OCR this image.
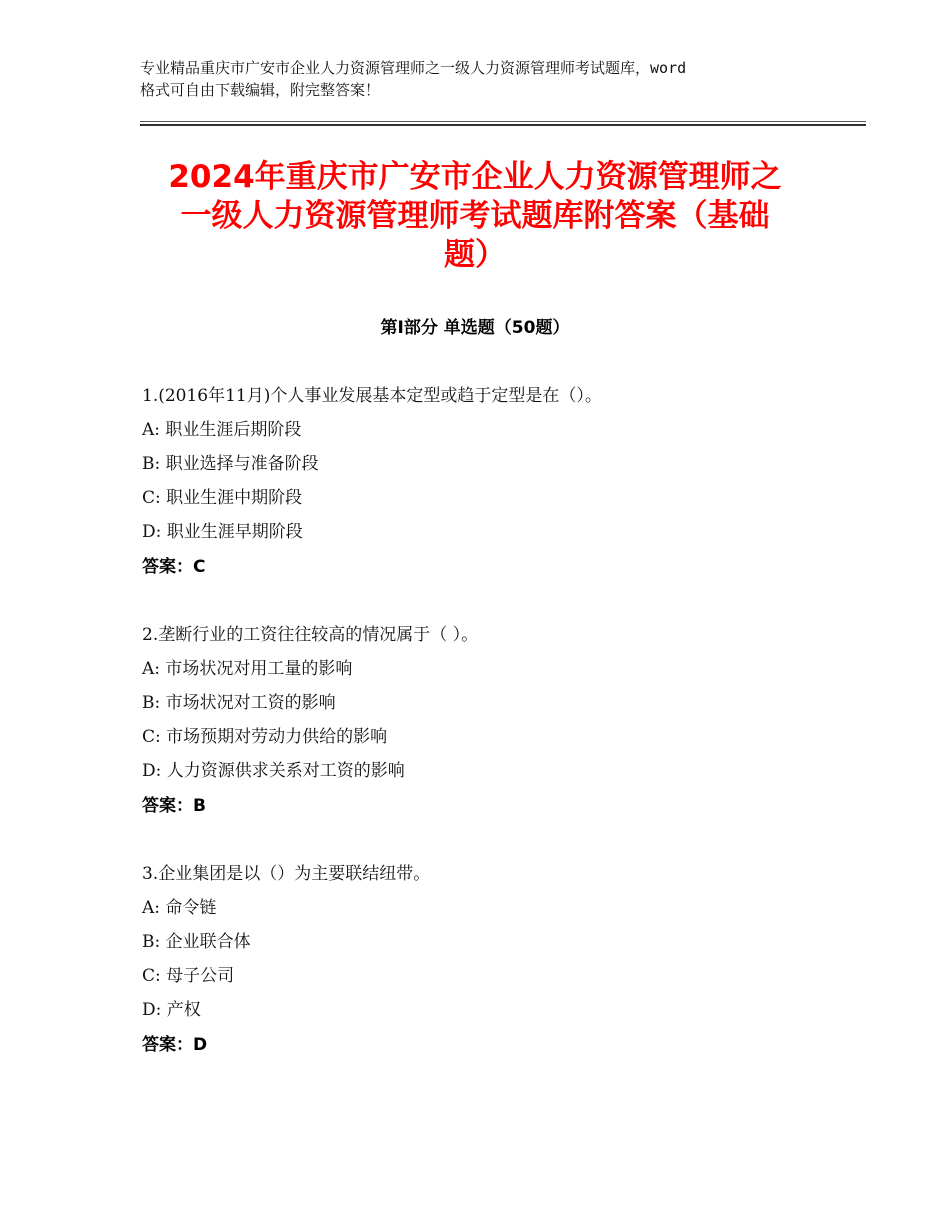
专业精品重庆市广安市企业人力资源管理师之一级人力资源管理师考试题库，word
格式可自由下载编辑，附完整答案！
2024年重庆市广安市企业人力资源管理师之
一级人力资源管理师考试题库附答案（基础
题）
第Ⅰ部分 单选题（50题）
1.(2016年11月)个人事业发展基本定型或趋于定型是在（）。
A: 职业生涯后期阶段
B: 职业选择与准备阶段
C: 职业生涯中期阶段
D: 职业生涯早期阶段
答案：C
2.垄断行业的工资往往较高的情况属于（ ）。
A: 市场状况对用工量的影响
B: 市场状况对工资的影响
C: 市场预期对劳动力供给的影响
D: 人力资源供求关系对工资的影响
答案：B
3.企业集团是以（）为主要联结纽带。
A: 命令链
B: 企业联合体
C: 母子公司
D: 产权
答案：D
